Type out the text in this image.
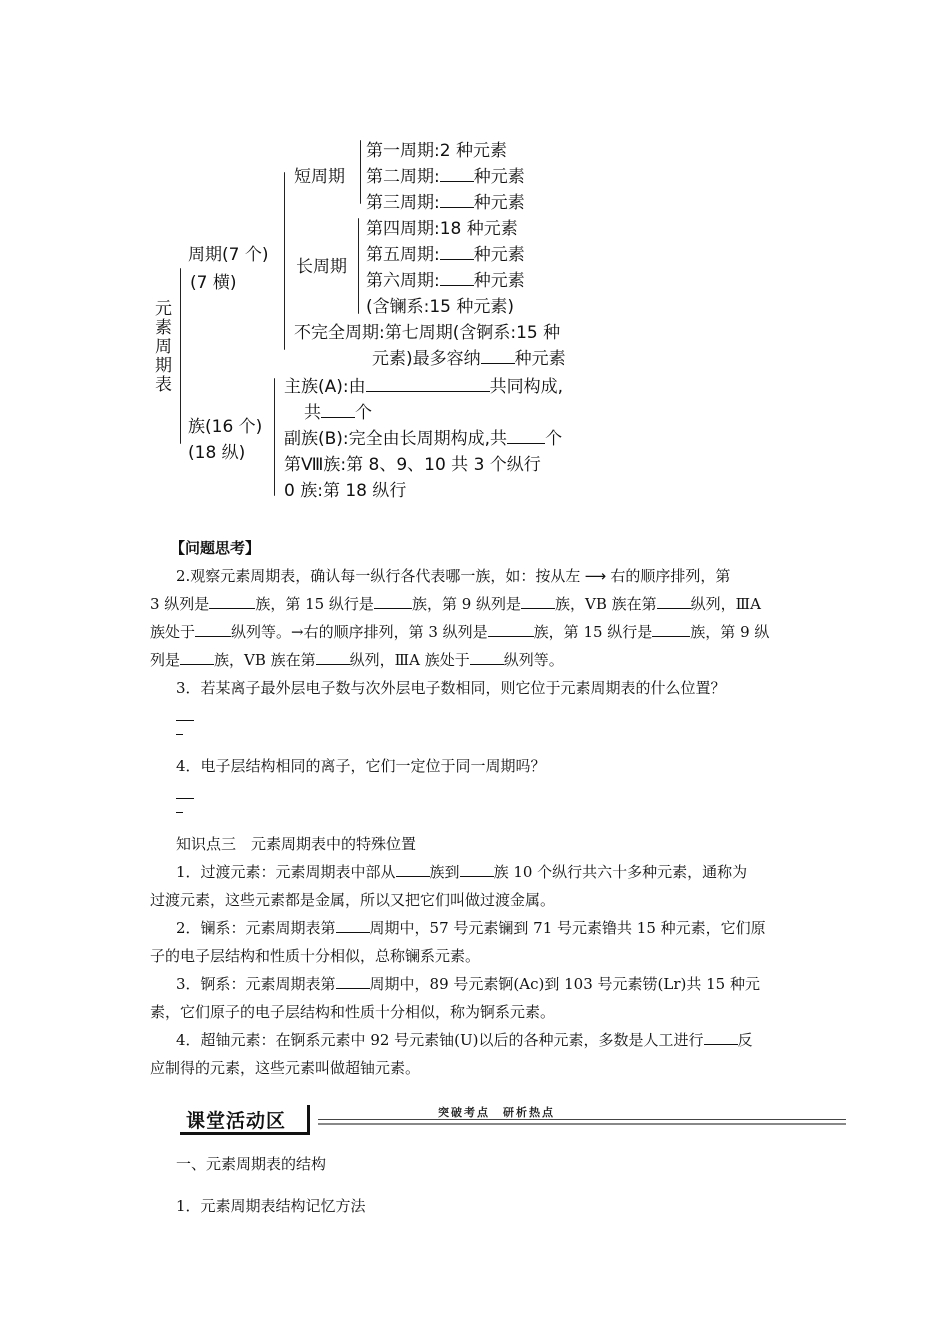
元素周期表
周期(7 个)
(7 横)
短周期
第一周期:2 种元素
第二周期: 种元素
第三周期: 种元素
长周期
第四周期:18 种元素
第五周期: 种元素
第六周期: 种元素
(含镧系:15 种元素)
不完全周期:第七周期(含锕系:15 种
元素)最多容纳 种元素
族(16 个)
(18 纵)
主族(A):由	共同构成,
共 个
副族(B):完全由长周期构成,共 个
第Ⅷ族:第 8、9、10 共 3 个纵行
0 族:第 18 纵行
【问题思考】
2.观察元素周期表，确认每一纵行各代表哪一族，如：按从左 ⟶ 右的顺序排列，第
3 纵列是	族，第 15 纵行是	族，第 9 纵列是 族，ⅤB 族在第 纵列，ⅢA
族处于 纵列等。→右的顺序排列，第 3 纵列是	族，第 15 纵行是	族，第 9 纵
列是 族，ⅤB 族在第 纵列，ⅢA 族处于 纵列等。
3．若某离子最外层电子数与次外层电子数相同，则它位于元素周期表的什么位置？
4．电子层结构相同的离子，它们一定位于同一周期吗？
知识点三　元素周期表中的特殊位置
1．过渡元素：元素周期表中部从 族到 族 10 个纵行共六十多种元素，通称为
过渡元素，这些元素都是金属，所以又把它们叫做过渡金属。
2．镧系：元素周期表第 周期中，57 号元素镧到 71 号元素镥共 15 种元素，它们原
子的电子层结构和性质十分相似，总称镧系元素。
3．锕系：元素周期表第 周期中，89 号元素锕(Ac)到 103 号元素铹(Lr)共 15 种元
素，它们原子的电子层结构和性质十分相似，称为锕系元素。
4．超铀元素：在锕系元素中 92 号元素铀(U)以后的各种元素，多数是人工进行 反
应制得的元素，这些元素叫做超铀元素。
课堂活动区	突破考点　研析热点
一、元素周期表的结构
1．元素周期表结构记忆方法
